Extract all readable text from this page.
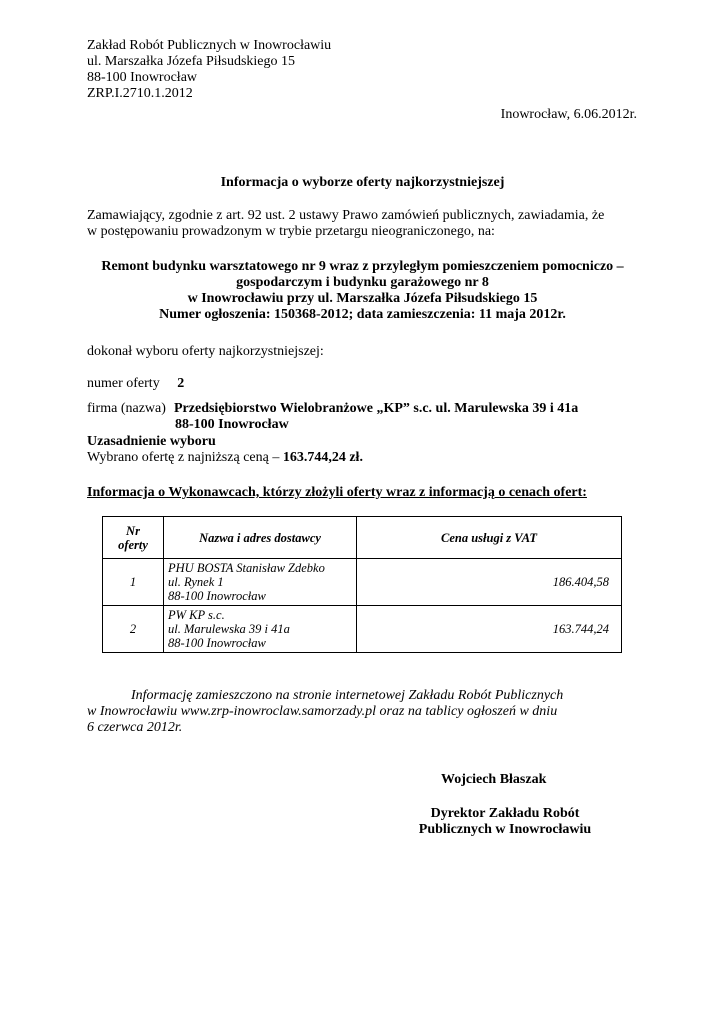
Zakład Robót Publicznych w Inowrocławiu
ul. Marszałka Józefa Piłsudskiego 15
88-100 Inowrocław
ZRP.I.2710.1.2012
Inowrocław, 6.06.2012r.
Informacja o wyborze oferty najkorzystniejszej
Zamawiający, zgodnie z art. 92 ust. 2 ustawy Prawo zamówień publicznych, zawiadamia, że
w postępowaniu prowadzonym w trybie przetargu nieograniczonego, na:
Remont budynku warsztatowego nr 9 wraz z przyległym pomieszczeniem pomocniczo –
gospodarczym i budynku garażowego nr 8
w Inowrocławiu przy ul. Marszałka Józefa Piłsudskiego 15
Numer ogłoszenia: 150368-2012; data zamieszczenia: 11 maja 2012r.
dokonał wyboru oferty najkorzystniejszej:
numer oferty 2
firma (nazwa) Przedsiębiorstwo Wielobranżowe „KP” s.c. ul. Marulewska 39 i 41a
88-100 Inowrocław
Uzasadnienie wyboru
Wybrano ofertę z najniższą ceną – 163.744,24 zł.
Informacja o Wykonawcach, którzy złożyli oferty wraz z informacją o cenach ofert:
Nr
oferty	Nazwa i adres dostawcy	Cena usługi z VAT
1	PHU BOSTA Stanisław Zdebko
ul. Rynek 1
88-100 Inowrocław	186.404,58
2	PW KP s.c.
ul. Marulewska 39 i 41a
88-100 Inowrocław	163.744,24
Informację zamieszczono na stronie internetowej Zakładu Robót Publicznych
w Inowrocławiu www.zrp-inowroclaw.samorzady.pl oraz na tablicy ogłoszeń w dniu
6 czerwca 2012r.
Wojciech Błaszak
Dyrektor Zakładu Robót
Publicznych w Inowrocławiu
